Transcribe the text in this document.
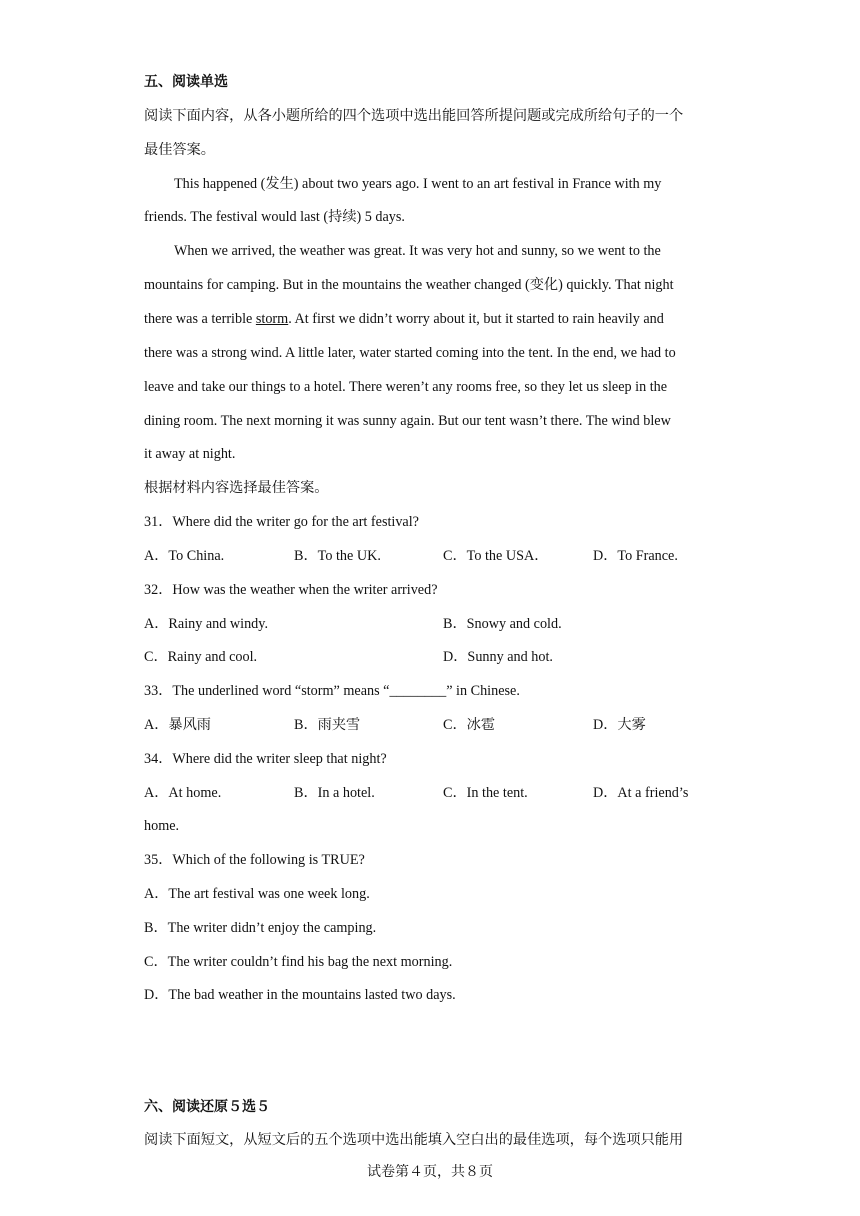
五、阅读单选
阅读下面内容，从各小题所给的四个选项中选出能回答所提问题或完成所给句子的一个
最佳答案。
This happened (发生) about two years ago. I went to an art festival in France with my
friends. The festival would last (持续) 5 days.
When we arrived, the weather was great. It was very hot and sunny, so we went to the
mountains for camping. But in the mountains the weather changed (变化) quickly. That night
there was a terrible storm. At first we didn’t worry about it, but it started to rain heavily and
there was a strong wind. A little later, water started coming into the tent. In the end, we had to
leave and take our things to a hotel. There weren’t any rooms free, so they let us sleep in the
dining room. The next morning it was sunny again. But our tent wasn’t there. The wind blew
it away at night.
根据材料内容选择最佳答案。
31．Where did the writer go for the art festival?
A．To China.	B．To the UK.	C．To the USA．	D．To France.
32．How was the weather when the writer arrived?
A．Rainy and windy.	B．Snowy and cold.
C．Rainy and cool.	D．Sunny and hot.
33．The underlined word “storm” means “________” in Chinese.
A．暴风雨	B．雨夹雪	C．冰雹	D．大雾
34．Where did the writer sleep that night?
A．At home.	B．In a hotel.	C．In the tent.	D．At a friend’s
home.
35．Which of the following is TRUE?
A．The art festival was one week long.
B．The writer didn’t enjoy the camping.
C．The writer couldn’t find his bag the next morning.
D．The bad weather in the mountains lasted two days.
六、阅读还原５选５
阅读下面短文，从短文后的五个选项中选出能填入空白出的最佳选项，每个选项只能用
试卷第４页，共８页
